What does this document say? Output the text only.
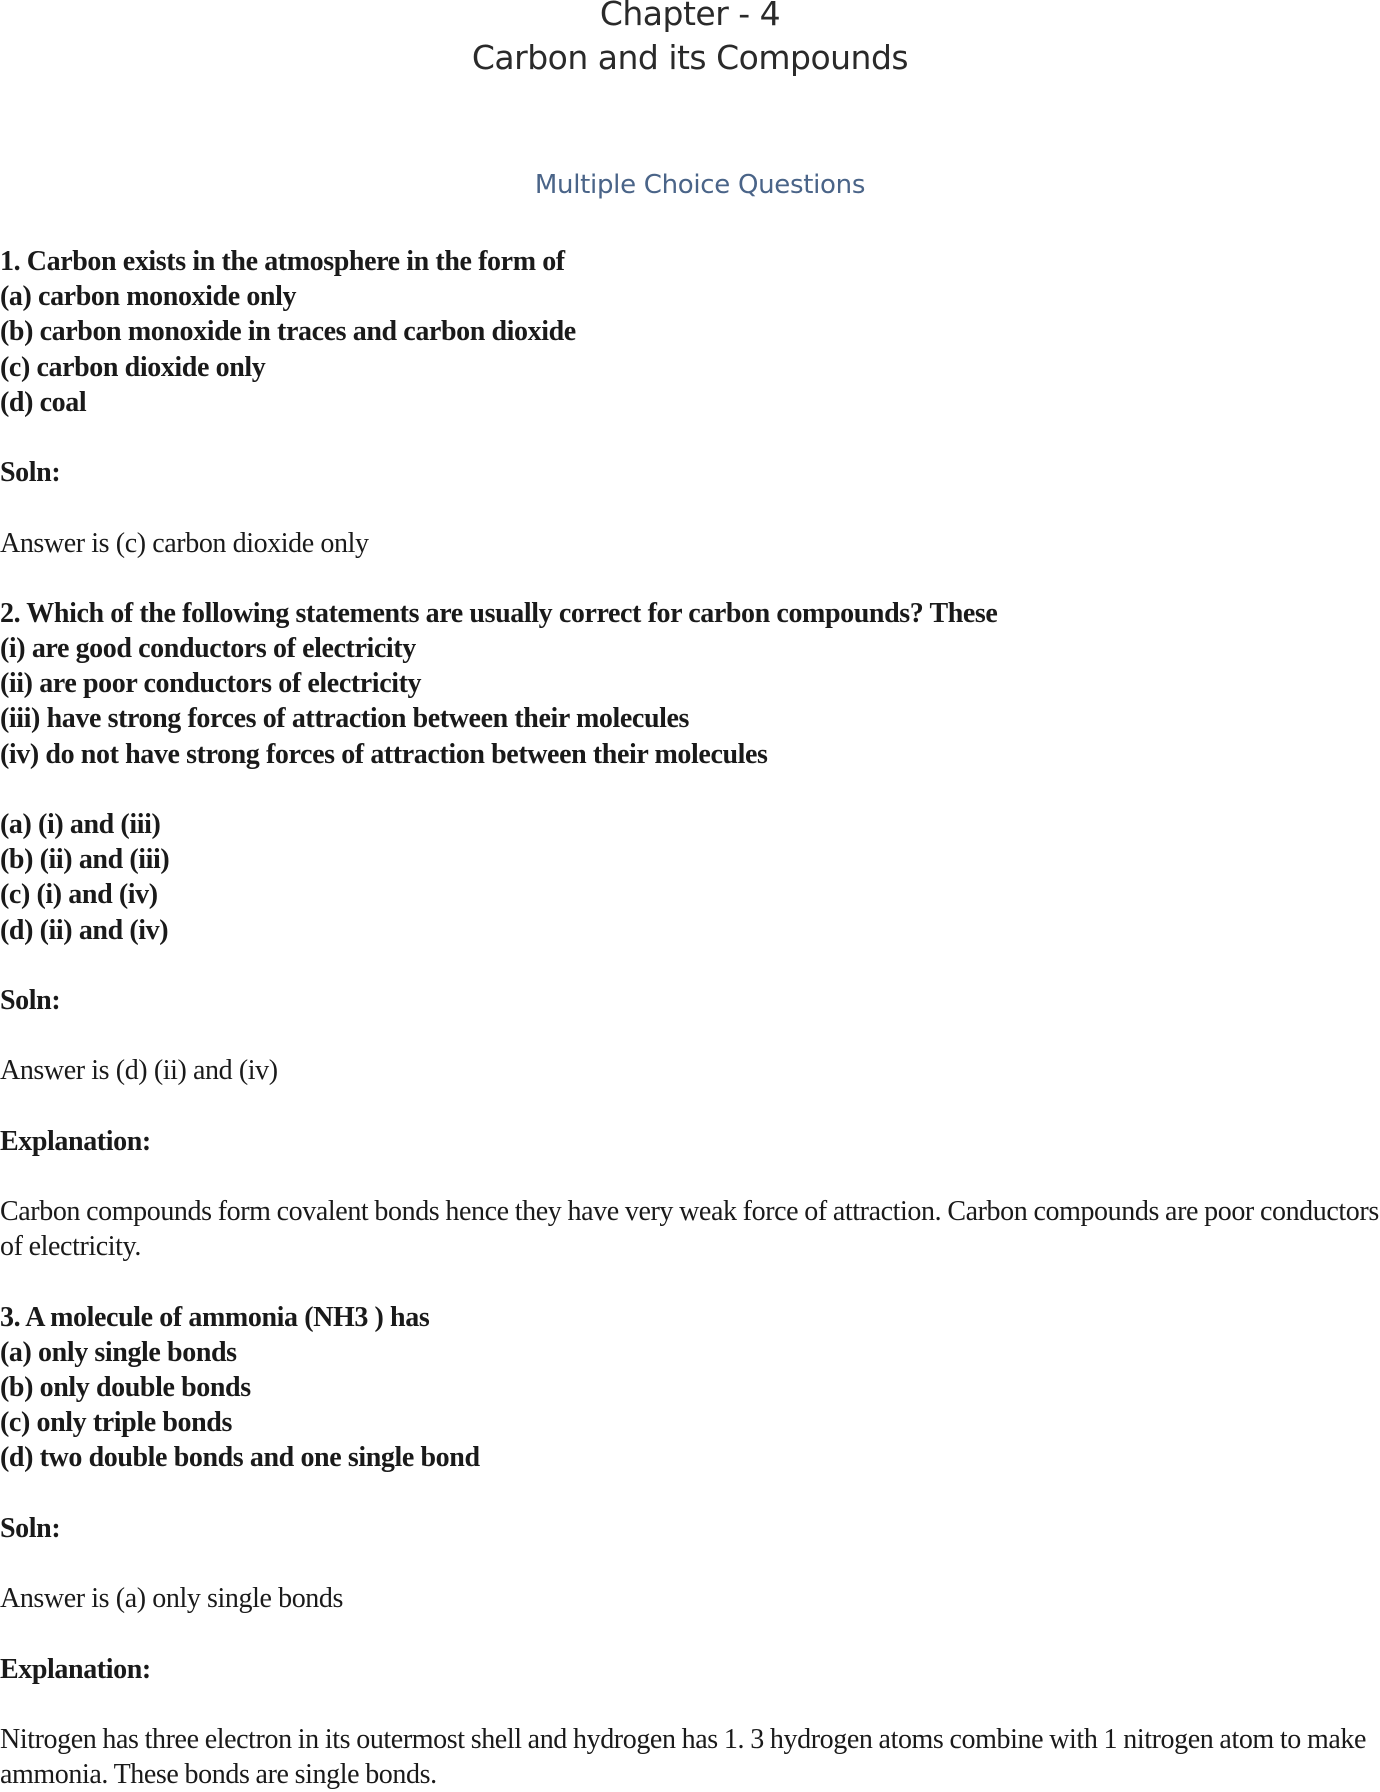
Chapter - 4
Carbon and its Compounds
Multiple Choice Questions
1. Carbon exists in the atmosphere in the form of
(a) carbon monoxide only
(b) carbon monoxide in traces and carbon dioxide
(c) carbon dioxide only
(d) coal
Soln:
Answer is (c) carbon dioxide only
2. Which of the following statements are usually correct for carbon compounds? These
(i) are good conductors of electricity
(ii) are poor conductors of electricity
(iii) have strong forces of attraction between their molecules
(iv) do not have strong forces of attraction between their molecules
(a) (i) and (iii)
(b) (ii) and (iii)
(c) (i) and (iv)
(d) (ii) and (iv)
Soln:
Answer is (d) (ii) and (iv)
Explanation:
Carbon compounds form covalent bonds hence they have very weak force of attraction. Carbon compounds are poor conductors of electricity.
3. A molecule of ammonia (NH3 ) has
(a) only single bonds
(b) only double bonds
(c) only triple bonds
(d) two double bonds and one single bond
Soln:
Answer is (a) only single bonds
Explanation:
Nitrogen has three electron in its outermost shell and hydrogen has 1. 3 hydrogen atoms combine with 1 nitrogen atom to make ammonia. These bonds are single bonds.
